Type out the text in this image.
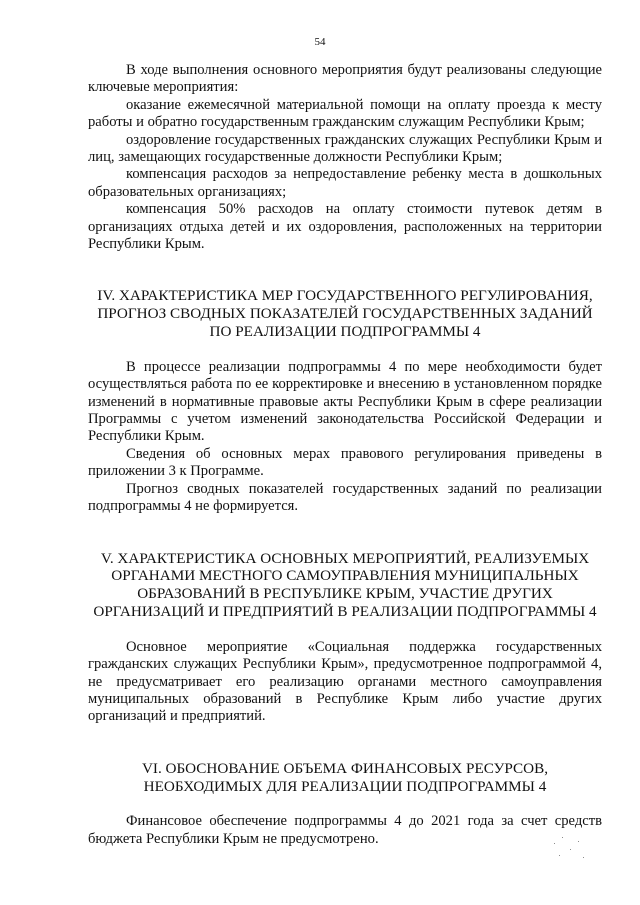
54

В ходе выполнения основного мероприятия будут реализованы следующие ключевые мероприятия:

оказание ежемесячной материальной помощи на оплату проезда к месту работы и обратно государственным гражданским служащим Республики Крым;

оздоровление государственных гражданских служащих Республики Крым и лиц, замещающих государственные должности Республики Крым;

компенсация расходов за непредоставление ребенку места в дошкольных образовательных организациях;

компенсация 50% расходов на оплату стоимости путевок детям в организациях отдыха детей и их оздоровления, расположенных на территории Республики Крым.

IV. ХАРАКТЕРИСТИКА МЕР ГОСУДАРСТВЕННОГО РЕГУЛИРОВАНИЯ,
ПРОГНОЗ СВОДНЫХ ПОКАЗАТЕЛЕЙ ГОСУДАРСТВЕННЫХ ЗАДАНИЙ
ПО РЕАЛИЗАЦИИ ПОДПРОГРАММЫ 4

В процессе реализации подпрограммы 4 по мере необходимости будет осуществляться работа по ее корректировке и внесению в установленном порядке изменений в нормативные правовые акты Республики Крым в сфере реализации Программы с учетом изменений законодательства Российской Федерации и Республики Крым.

Сведения об основных мерах правового регулирования приведены в приложении 3 к Программе.

Прогноз сводных показателей государственных заданий по реализации подпрограммы 4 не формируется.

V. ХАРАКТЕРИСТИКА ОСНОВНЫХ МЕРОПРИЯТИЙ, РЕАЛИЗУЕМЫХ
ОРГАНАМИ МЕСТНОГО САМОУПРАВЛЕНИЯ МУНИЦИПАЛЬНЫХ
ОБРАЗОВАНИЙ В РЕСПУБЛИКЕ КРЫМ, УЧАСТИЕ ДРУГИХ
ОРГАНИЗАЦИЙ И ПРЕДПРИЯТИЙ В РЕАЛИЗАЦИИ ПОДПРОГРАММЫ 4

Основное мероприятие «Социальная поддержка государственных гражданских служащих Республики Крым», предусмотренное подпрограммой 4, не предусматривает его реализацию органами местного самоуправления муниципальных образований в Республике Крым либо участие других организаций и предприятий.

VI. ОБОСНОВАНИЕ ОБЪЕМА ФИНАНСОВЫХ РЕСУРСОВ,
НЕОБХОДИМЫХ ДЛЯ РЕАЛИЗАЦИИ ПОДПРОГРАММЫ 4

Финансовое обеспечение подпрограммы 4 до 2021 года за счет средств бюджета Республики Крым не предусмотрено.
